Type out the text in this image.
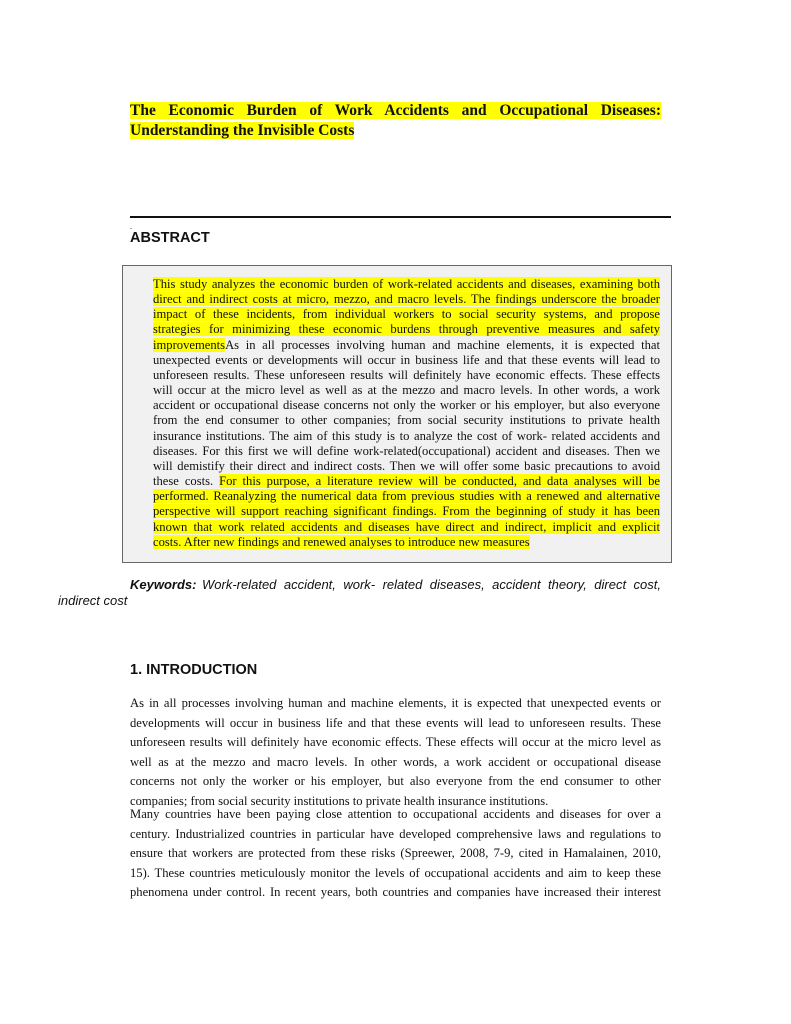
The Economic Burden of Work Accidents and Occupational Diseases:
Understanding the Invisible Costs
.
ABSTRACT
This study analyzes the economic burden of work-related accidents and diseases, examining both
direct and indirect costs at micro, mezzo, and macro levels. The findings underscore the broader
impact of these incidents, from individual workers to social security systems, and propose
strategies for minimizing these economic burdens through preventive measures and safety
improvementsAs in all processes involving human and machine elements, it is expected that
unexpected events or developments will occur in business life and that these events will lead to
unforeseen results. These unforeseen results will definitely have economic effects. These effects
will occur at the micro level as well as at the mezzo and macro levels. In other words, a work
accident or occupational disease concerns not only the worker or his employer, but also everyone
from the end consumer to other companies; from social security institutions to private health
insurance institutions. The aim of this study is to analyze the cost of work- related accidents and
diseases. For this first we will define work-related(occupational) accident and diseases. Then we
will demistify their direct and indirect costs. Then we will offer some basic precautions to avoid
these costs. For this purpose, a literature review will be conducted, and data analyses will be
performed. Reanalyzing the numerical data from previous studies with a renewed and alternative
perspective will support reaching significant findings. From the beginning of study it has been
known that work related accidents and diseases have direct and indirect, implicit and explicit
costs. After new findings and renewed analyses to introduce new measures
Keywords: Work-related accident, work- related diseases, accident theory, direct cost,
indirect cost
1. INTRODUCTION
As in all processes involving human and machine elements, it is expected that unexpected events or
developments will occur in business life and that these events will lead to unforeseen results. These
unforeseen results will definitely have economic effects. These effects will occur at the micro level as
well as at the mezzo and macro levels. In other words, a work accident or occupational disease
concerns not only the worker or his employer, but also everyone from the end consumer to other
companies; from social security institutions to private health insurance institutions.
Many countries have been paying close attention to occupational accidents and diseases for over a
century. Industrialized countries in particular have developed comprehensive laws and regulations to
ensure that workers are protected from these risks (Spreewer, 2008, 7-9, cited in Hamalainen, 2010,
15). These countries meticulously monitor the levels of occupational accidents and aim to keep these
phenomena under control. In recent years, both countries and companies have increased their interest
